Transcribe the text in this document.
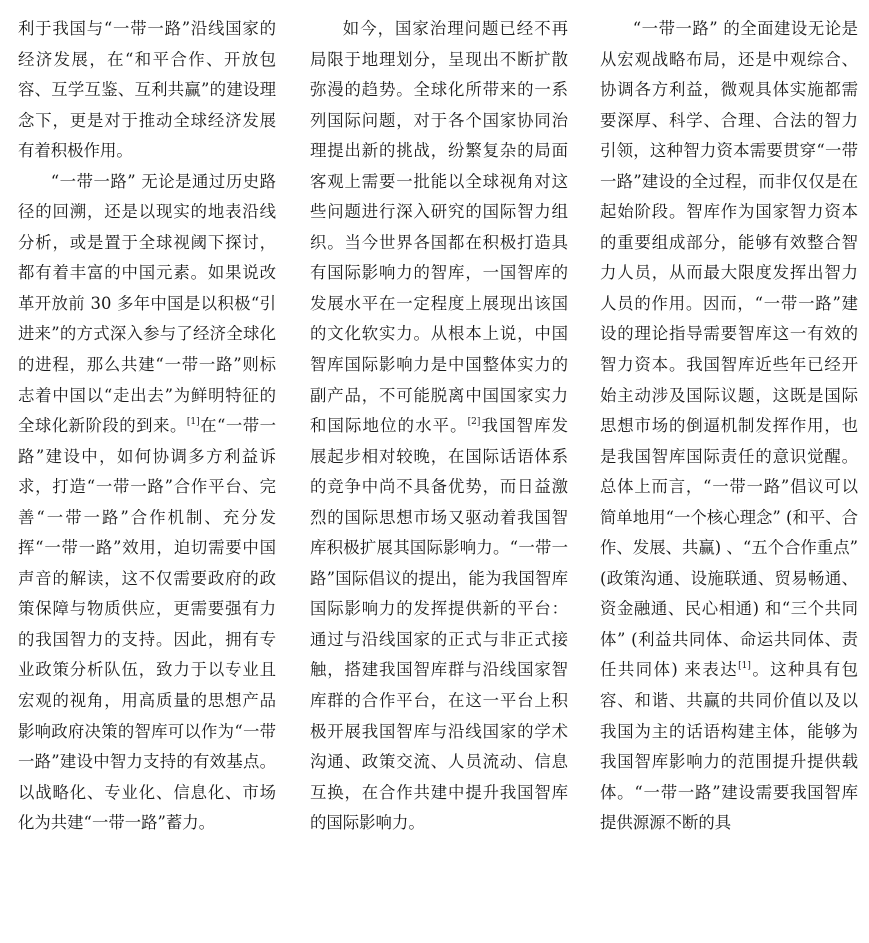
利于我国与“一带一路”沿线国家的经济发展，在“和平合作、开放包容、互学互鉴、互利共赢”的建设理念下，更是对于推动全球经济发展有着积极作用。

“一带一路” 无论是通过历史路径的回溯，还是以现实的地表沿线分析，或是置于全球视阈下探讨，都有着丰富的中国元素。如果说改革开放前 30 多年中国是以积极“引进来”的方式深入参与了经济全球化的进程，那么共建“一带一路”则标志着中国以“走出去”为鲜明特征的全球化新阶段的到来。[1]在“一带一路”建设中，如何协调多方利益诉求，打造“一带一路”合作平台、完善“一带一路”合作机制、充分发挥“一带一路”效用，迫切需要中国声音的解读，这不仅需要政府的政策保障与物质供应，更需要强有力的我国智力的支持。因此，拥有专业政策分析队伍，致力于以专业且宏观的视角，用高质量的思想产品影响政府决策的智库可以作为“一带一路”建设中智力支持的有效基点。以战略化、专业化、信息化、市场化为共建“一带一路”蓄力。

如今，国家治理问题已经不再局限于地理划分，呈现出不断扩散弥漫的趋势。全球化所带来的一系列国际问题，对于各个国家协同治理提出新的挑战，纷繁复杂的局面客观上需要一批能以全球视角对这些问题进行深入研究的国际智力组织。当今世界各国都在积极打造具有国际影响力的智库，一国智库的发展水平在一定程度上展现出该国的文化软实力。从根本上说，中国智库国际影响力是中国整体实力的副产品，不可能脱离中国国家实力和国际地位的水平。[2]我国智库发展起步相对较晚，在国际话语体系的竞争中尚不具备优势，而日益激烈的国际思想市场又驱动着我国智库积极扩展其国际影响力。“一带一路”国际倡议的提出，能为我国智库国际影响力的发挥提供新的平台：通过与沿线国家的正式与非正式接触，搭建我国智库群与沿线国家智库群的合作平台，在这一平台上积极开展我国智库与沿线国家的学术沟通、政策交流、人员流动、信息互换，在合作共建中提升我国智库的国际影响力。

“一带一路” 的全面建设无论是从宏观战略布局，还是中观综合、协调各方利益，微观具体实施都需要深厚、科学、合理、合法的智力引领，这种智力资本需要贯穿“一带一路”建设的全过程，而非仅仅是在起始阶段。智库作为国家智力资本的重要组成部分，能够有效整合智力人员，从而最大限度发挥出智力人员的作用。因而，“一带一路”建设的理论指导需要智库这一有效的智力资本。我国智库近些年已经开始主动涉及国际议题，这既是国际思想市场的倒逼机制发挥作用，也是我国智库国际责任的意识觉醒。总体上而言，“一带一路”倡议可以简单地用“一个核心理念” (和平、合作、发展、共赢) 、“五个合作重点” (政策沟通、设施联通、贸易畅通、资金融通、民心相通) 和“三个共同体” (利益共同体、命运共同体、责任共同体) 来表达[1]。这种具有包容、和谐、共赢的共同价值以及以我国为主的话语构建主体，能够为我国智库影响力的范围提升提供载体。“一带一路”建设需要我国智库提供源源不断的具
